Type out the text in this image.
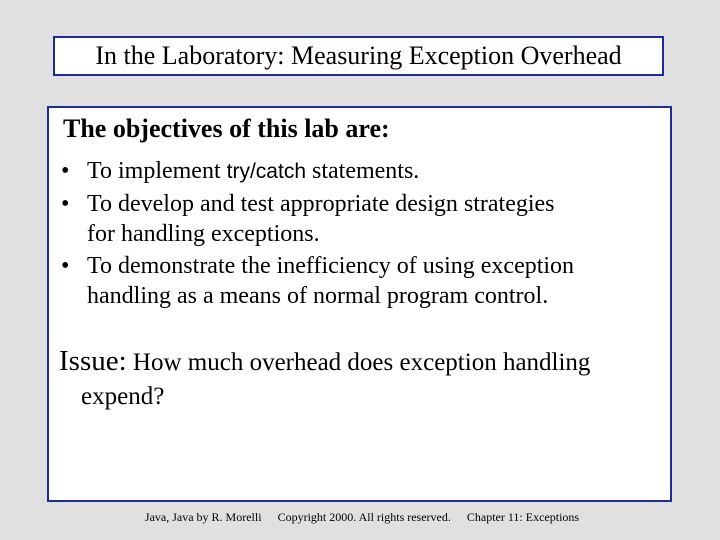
In the Laboratory: Measuring Exception Overhead
The objectives of this lab are:
• To implement try/catch statements.
• To develop and test appropriate design strategies
for handling exceptions.
• To demonstrate the inefficiency of using exception
handling as a means of normal program control.
Issue: How much overhead does exception handling
expend?
Java, Java by R. Morelli Copyright 2000. All rights reserved. Chapter 11: Exceptions
